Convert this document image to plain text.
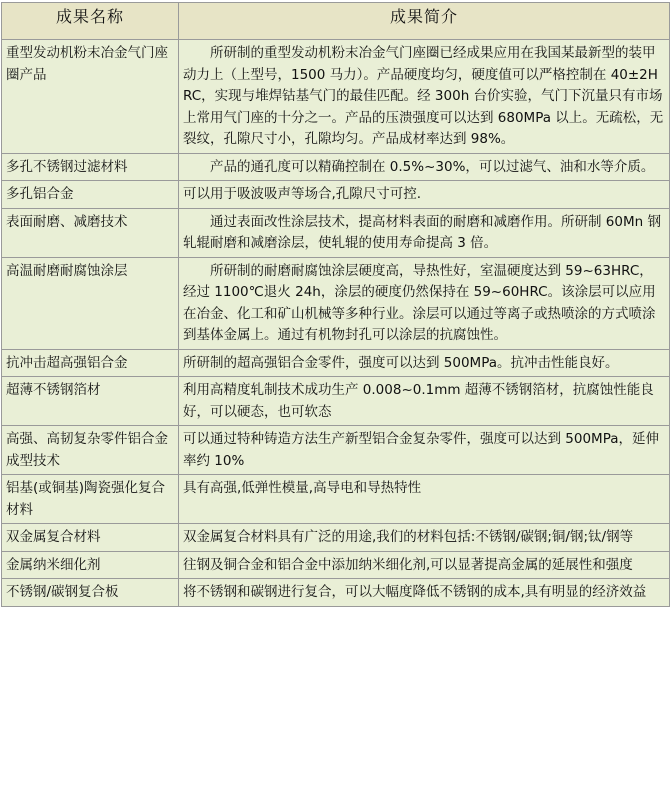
成果名称	成果简介
重型发动机粉末冶金气门座圈产品	所研制的重型发动机粉末冶金气门座圈已经成果应用在我国某最新型的装甲动力上（上型号，1500 马力）。产品硬度均匀，硬度值可以严格控制在 40±2HRC，实现与堆焊钴基气门的最佳匹配。经 300h 台价实验，气门下沉量只有市场上常用气门座的十分之一。产品的压溃强度可以达到 680MPa 以上。无疏松，无裂纹，孔隙尺寸小，孔隙均匀。产品成材率达到 98%。
多孔不锈钢过滤材料	产品的通孔度可以精确控制在 0.5%~30%，可以过滤气、油和水等介质。
多孔铝合金	可以用于吸波吸声等场合,孔隙尺寸可控.
表面耐磨、减磨技术	通过表面改性涂层技术，提高材料表面的耐磨和减磨作用。所研制 60Mn 钢轧辊耐磨和减磨涂层，使轧辊的使用寿命提高 3 倍。
高温耐磨耐腐蚀涂层	所研制的耐磨耐腐蚀涂层硬度高，导热性好，室温硬度达到 59~63HRC，经过 1100℃退火 24h，涂层的硬度仍然保持在 59~60HRC。该涂层可以应用在冶金、化工和矿山机械等多种行业。涂层可以通过等离子或热喷涂的方式喷涂到基体金属上。通过有机物封孔可以涂层的抗腐蚀性。
抗冲击超高强铝合金	所研制的超高强铝合金零件，强度可以达到 500MPa。抗冲击性能良好。
超薄不锈钢箔材	利用高精度轧制技术成功生产 0.008~0.1mm 超薄不锈钢箔材，抗腐蚀性能良好，可以硬态，也可软态
高强、高韧复杂零件铝合金成型技术	可以通过特种铸造方法生产新型铝合金复杂零件，强度可以达到 500MPa，延伸率约 10%
铝基(或铜基)陶瓷强化复合材料	具有高强,低弹性模量,高导电和导热特性
双金属复合材料	双金属复合材料具有广泛的用途,我们的材料包括:不锈钢/碳钢;铜/钢;钛/钢等
金属纳米细化剂	往钢及铜合金和铝合金中添加纳米细化剂,可以显著提高金属的延展性和强度
不锈钢/碳钢复合板	将不锈钢和碳钢进行复合，可以大幅度降低不锈钢的成本,具有明显的经济效益
